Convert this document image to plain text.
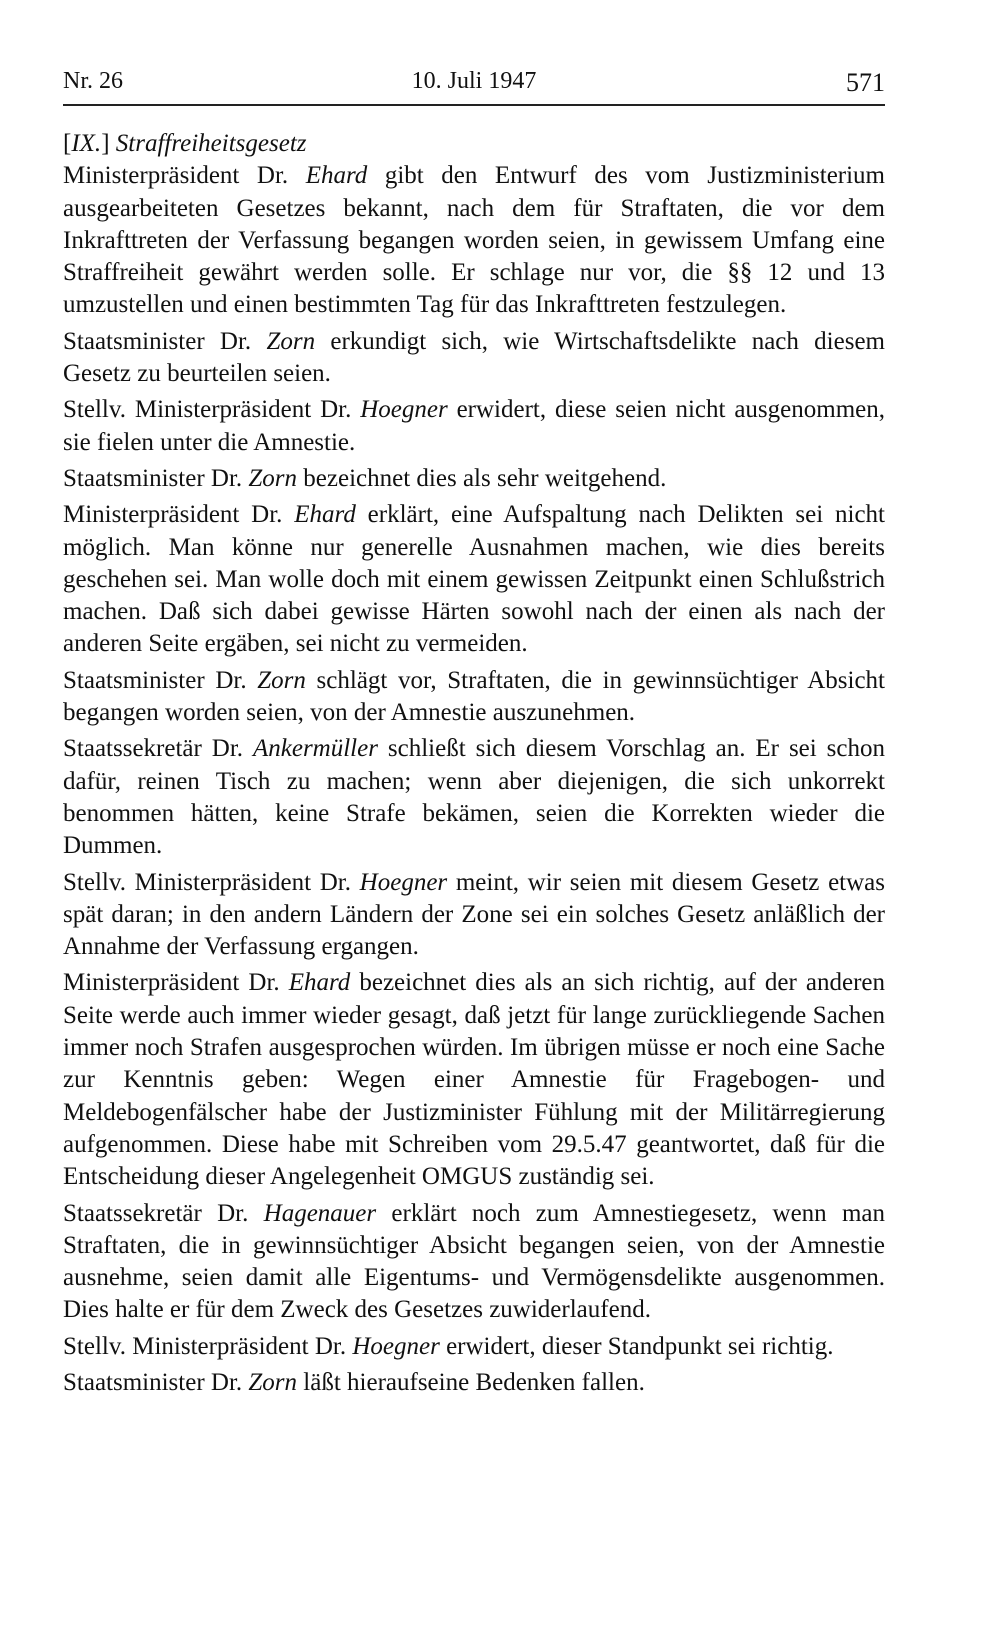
Nr. 26	10. Juli 1947	571
[IX.] Straffreiheitsgesetz

Ministerpräsident Dr. Ehard gibt den Entwurf des vom Justizministerium ausgearbeiteten Gesetzes bekannt, nach dem für Straftaten, die vor dem Inkrafttreten der Verfassung begangen worden seien, in gewissem Umfang eine Straffreiheit gewährt werden solle. Er schlage nur vor, die §§ 12 und 13 umzustellen und einen bestimmten Tag für das Inkrafttreten festzulegen.

Staatsminister Dr. Zorn erkundigt sich, wie Wirtschaftsdelikte nach diesem Gesetz zu beurteilen seien.

Stellv. Ministerpräsident Dr. Hoegner erwidert, diese seien nicht ausgenommen, sie fielen unter die Amnestie.

Staatsminister Dr. Zorn bezeichnet dies als sehr weitgehend.

Ministerpräsident Dr. Ehard erklärt, eine Aufspaltung nach Delikten sei nicht möglich. Man könne nur generelle Ausnahmen machen, wie dies bereits geschehen sei. Man wolle doch mit einem gewissen Zeitpunkt einen Schlußstrich machen. Daß sich dabei gewisse Härten sowohl nach der einen als nach der anderen Seite ergäben, sei nicht zu vermeiden.

Staatsminister Dr. Zorn schlägt vor, Straftaten, die in gewinnsüchtiger Absicht begangen worden seien, von der Amnestie auszunehmen.

Staatssekretär Dr. Ankermüller schließt sich diesem Vorschlag an. Er sei schon dafür, reinen Tisch zu machen; wenn aber diejenigen, die sich unkorrekt benommen hätten, keine Strafe bekämen, seien die Korrekten wieder die Dummen.

Stellv. Ministerpräsident Dr. Hoegner meint, wir seien mit diesem Gesetz etwas spät daran; in den andern Ländern der Zone sei ein solches Gesetz anläßlich der Annahme der Verfassung ergangen.

Ministerpräsident Dr. Ehard bezeichnet dies als an sich richtig, auf der anderen Seite werde auch immer wieder gesagt, daß jetzt für lange zurückliegende Sachen immer noch Strafen ausgesprochen würden. Im übrigen müsse er noch eine Sache zur Kenntnis geben: Wegen einer Amnestie für Fragebogen- und Meldebogenfälscher habe der Justizminister Fühlung mit der Militärregierung aufgenommen. Diese habe mit Schreiben vom 29.5.47 geantwortet, daß für die Entscheidung dieser Angelegenheit OMGUS zuständig sei.

Staatssekretär Dr. Hagenauer erklärt noch zum Amnestiegesetz, wenn man Straftaten, die in gewinnsüchtiger Absicht begangen seien, von der Amnestie ausnehme, seien damit alle Eigentums- und Vermögensdelikte ausgenommen. Dies halte er für dem Zweck des Gesetzes zuwiderlaufend.

Stellv. Ministerpräsident Dr. Hoegner erwidert, dieser Standpunkt sei richtig.

Staatsminister Dr. Zorn läßt hieraufseine Bedenken fallen.
